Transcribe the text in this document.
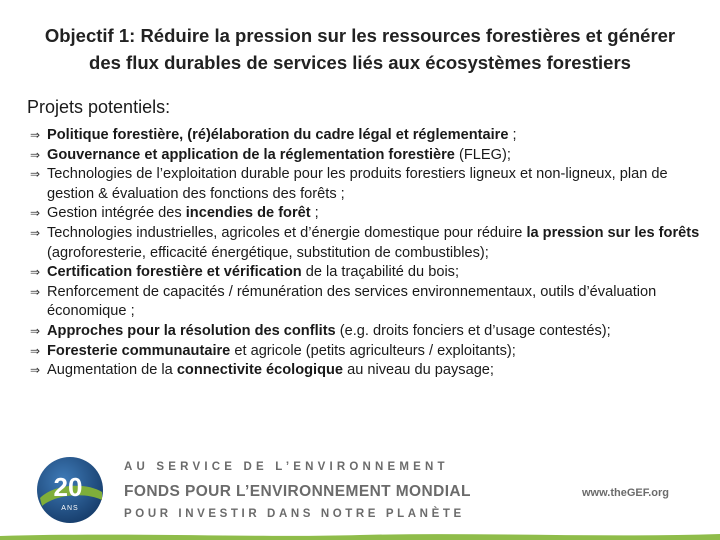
Objectif 1: Réduire la pression sur les ressources forestières et générer
des flux durables de services liés aux écosystèmes forestiers
Projets potentiels:
⇒ Politique forestière, (ré)élaboration du cadre légal et réglementaire ;
⇒ Gouvernance et application de la réglementation forestière (FLEG);
⇒ Technologies de l’exploitation durable pour les produits forestiers ligneux et non-ligneux, plan de gestion & évaluation des fonctions des forêts ;
⇒ Gestion intégrée des incendies de forêt ;
⇒ Technologies industrielles, agricoles et d’énergie domestique pour réduire la pression sur les forêts (agroforesterie, efficacité énergétique, substitution de combustibles);
⇒ Certification forestière et vérification de la traçabilité du bois;
⇒ Renforcement de capacités / rémunération des services environnementaux, outils d’évaluation économique ;
⇒ Approches pour la résolution des conflits (e.g. droits fonciers et d’usage contestés);
⇒ Foresterie communautaire et agricole (petits agriculteurs / exploitants);
⇒ Augmentation de la connectivite écologique au niveau du paysage;
20
ANS
AU SERVICE DE L’ENVIRONNEMENT
FONDS POUR L’ENVIRONNEMENT MONDIAL
POUR INVESTIR DANS NOTRE PLANÈTE
www.theGEF.org
